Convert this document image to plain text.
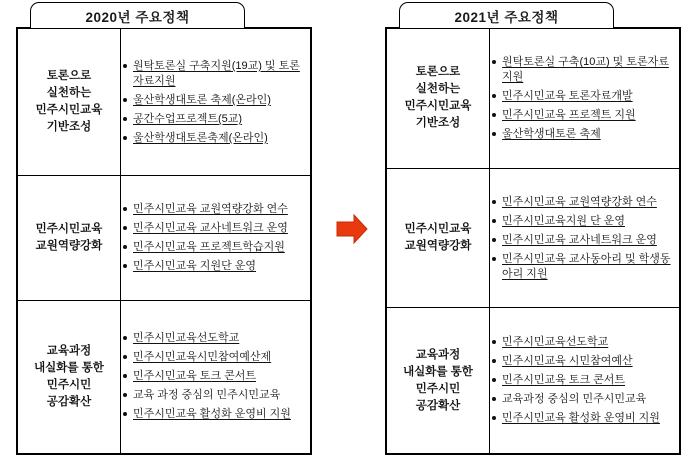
2020년 주요정책
토론으로
실천하는
민주시민교육
기반조성

원탁토론실 구축지원(19교) 및 토론자료지원
울산학생대토론 축제(온라인)
공간수업프로젝트(5교)
울산학생대토론축제(온라인)

민주시민교육
교원역량강화

민주시민교육 교원역량강화 연수
민주시민교육 교사네트워크 운영
민주시민교육 프로젝트학습지원
민주시민교육 지원단 운영

교육과정
내실화를 통한
민주시민
공감확산

민주시민교육선도학교
민주시민교육시민참여예산제
민주시민교육 토크 콘서트
교육 과정 중심의 민주시민교육
민주시민교육 활성화 운영비 지원
2021년 주요정책
토론으로
실천하는
민주시민교육
기반조성

원탁토론실 구축(10교) 및 토론자료지원
민주시민교육 토론자료개발
민주시민교육 프로젝트 지원
울산학생대토론 축제

민주시민교육
교원역량강화

민주시민교육 교원역량강화 연수
민주시민교육지원 단 운영
민주시민교육 교사네트워크 운영
민주시민교육 교사동아리 및 학생동아리 지원

교육과정
내실화를 통한
민주시민
공감확산

민주시민교육선도학교
민주시민교육 시민참여예산
민주시민교육 토크 콘서트
교육과정 중심의 민주시민교육
민주시민교육 활성화 운영비 지원
